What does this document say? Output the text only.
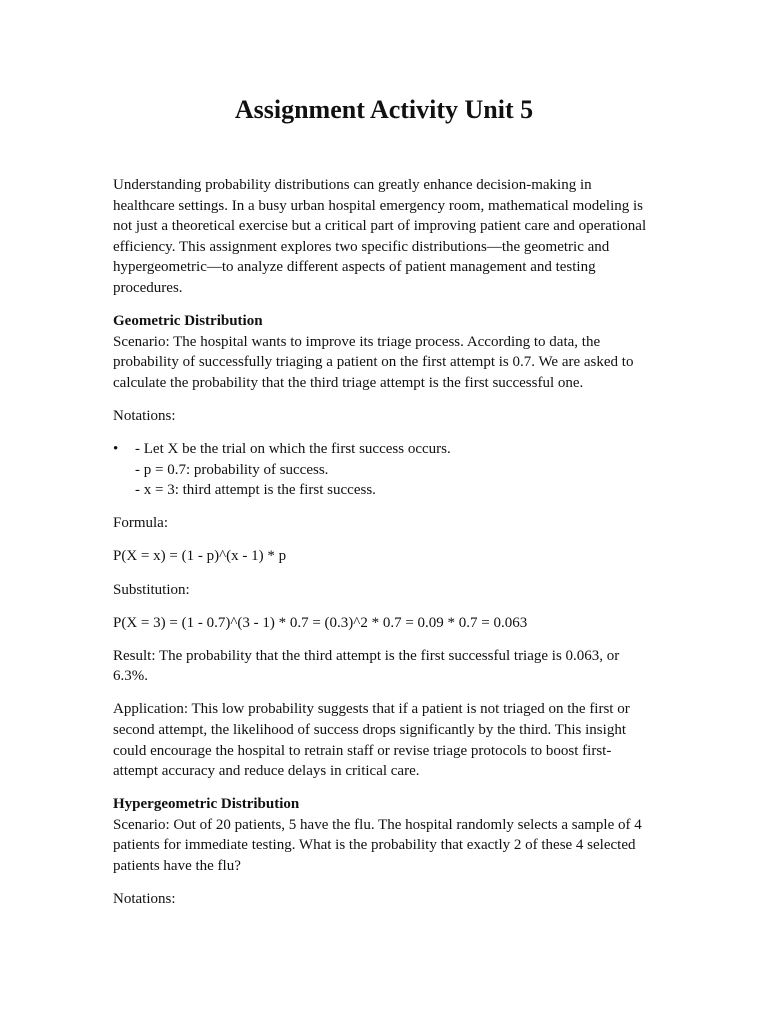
Assignment Activity Unit 5

Understanding probability distributions can greatly enhance decision-making in healthcare settings. In a busy urban hospital emergency room, mathematical modeling is not just a theoretical exercise but a critical part of improving patient care and operational efficiency. This assignment explores two specific distributions—the geometric and hypergeometric—to analyze different aspects of patient management and testing procedures.

Geometric Distribution
Scenario: The hospital wants to improve its triage process. According to data, the probability of successfully triaging a patient on the first attempt is 0.7. We are asked to calculate the probability that the third triage attempt is the first successful one.

Notations:

• - Let X be the trial on which the first success occurs.
- p = 0.7: probability of success.
- x = 3: third attempt is the first success.

Formula:

P(X = x) = (1 - p)^(x - 1) * p

Substitution:

P(X = 3) = (1 - 0.7)^(3 - 1) * 0.7 = (0.3)^2 * 0.7 = 0.09 * 0.7 = 0.063

Result: The probability that the third attempt is the first successful triage is 0.063, or 6.3%.

Application: This low probability suggests that if a patient is not triaged on the first or second attempt, the likelihood of success drops significantly by the third. This insight could encourage the hospital to retrain staff or revise triage protocols to boost first-attempt accuracy and reduce delays in critical care.

Hypergeometric Distribution
Scenario: Out of 20 patients, 5 have the flu. The hospital randomly selects a sample of 4 patients for immediate testing. What is the probability that exactly 2 of these 4 selected patients have the flu?

Notations:
